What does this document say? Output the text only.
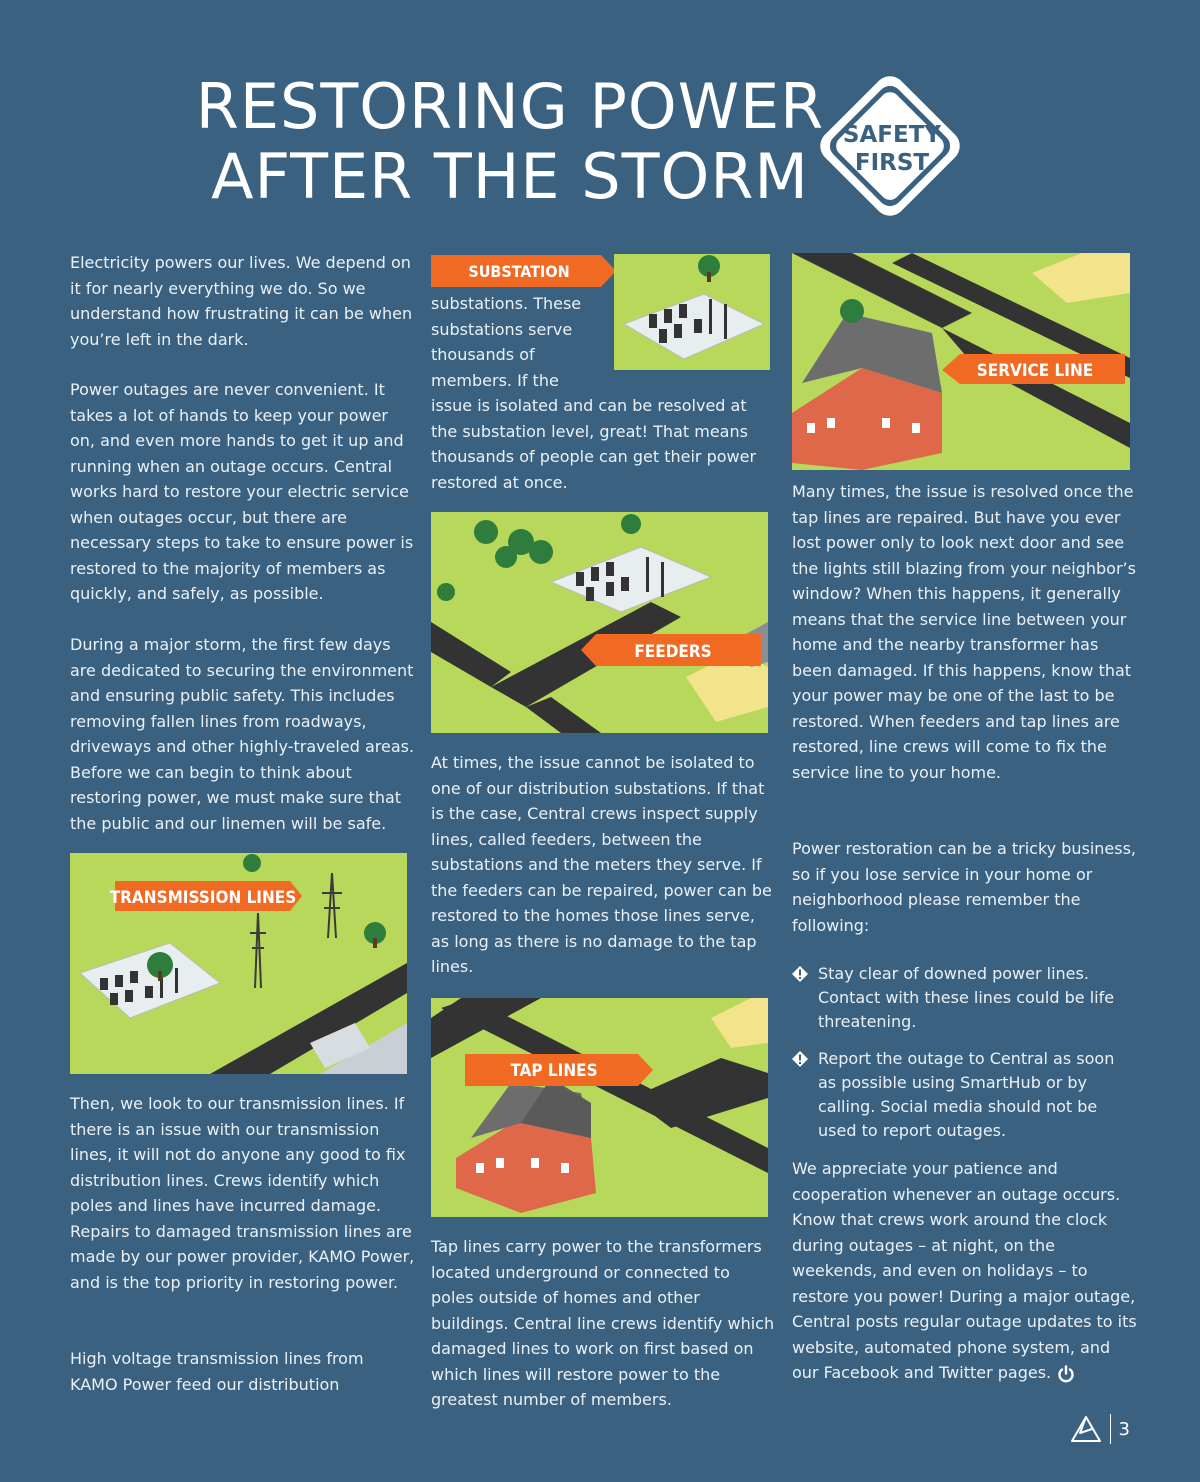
RESTORING POWER
AFTER THE STORM
SAFETY
FIRST

Electricity powers our lives. We depend on it for nearly everything we do. So we understand how frustrating it can be when you’re left in the dark.

Power outages are never convenient. It takes a lot of hands to keep your power on, and even more hands to get it up and running when an outage occurs. Central works hard to restore your electric service when outages occur, but there are necessary steps to take to ensure power is restored to the majority of members as quickly, and safely, as possible.

During a major storm, the first few days are dedicated to securing the environment and ensuring public safety. This includes removing fallen lines from roadways, driveways and other highly-traveled areas. Before we can begin to think about restoring power, we must make sure that the public and our linemen will be safe.

TRANSMISSION LINES

Then, we look to our transmission lines. If there is an issue with our transmission lines, it will not do anyone any good to fix distribution lines. Crews identify which poles and lines have incurred damage. Repairs to damaged transmission lines are made by our power provider, KAMO Power, and is the top priority in restoring power.

High voltage transmission lines from KAMO Power feed our distribution

SUBSTATION

substations. These substations serve thousands of members. If the

issue is isolated and can be resolved at the substation level, great! That means thousands of people can get their power restored at once.

FEEDERS

At times, the issue cannot be isolated to one of our distribution substations. If that is the case, Central crews inspect supply lines, called feeders, between the substations and the meters they serve. If the feeders can be repaired, power can be restored to the homes those lines serve, as long as there is no damage to the tap lines.

TAP LINES

Tap lines carry power to the transformers located underground or connected to poles outside of homes and other buildings. Central line crews identify which damaged lines to work on first based on which lines will restore power to the greatest number of members.

SERVICE LINE

Many times, the issue is resolved once the tap lines are repaired. But have you ever lost power only to look next door and see the lights still blazing from your neighbor’s window? When this happens, it generally means that the service line between your home and the nearby transformer has been damaged. If this happens, know that your power may be one of the last to be restored. When feeders and tap lines are restored, line crews will come to fix the service line to your home.

Power restoration can be a tricky business, so if you lose service in your home or neighborhood please remember the following:

Stay clear of downed power lines. Contact with these lines could be life threatening.
Report the outage to Central as soon as possible using SmartHub or by calling. Social media should not be used to report outages.

We appreciate your patience and cooperation whenever an outage occurs. Know that crews work around the clock during outages – at night, on the weekends, and even on holidays – to restore you power! During a major outage, Central posts regular outage updates to its website, automated phone system, and our Facebook and Twitter pages.

3
